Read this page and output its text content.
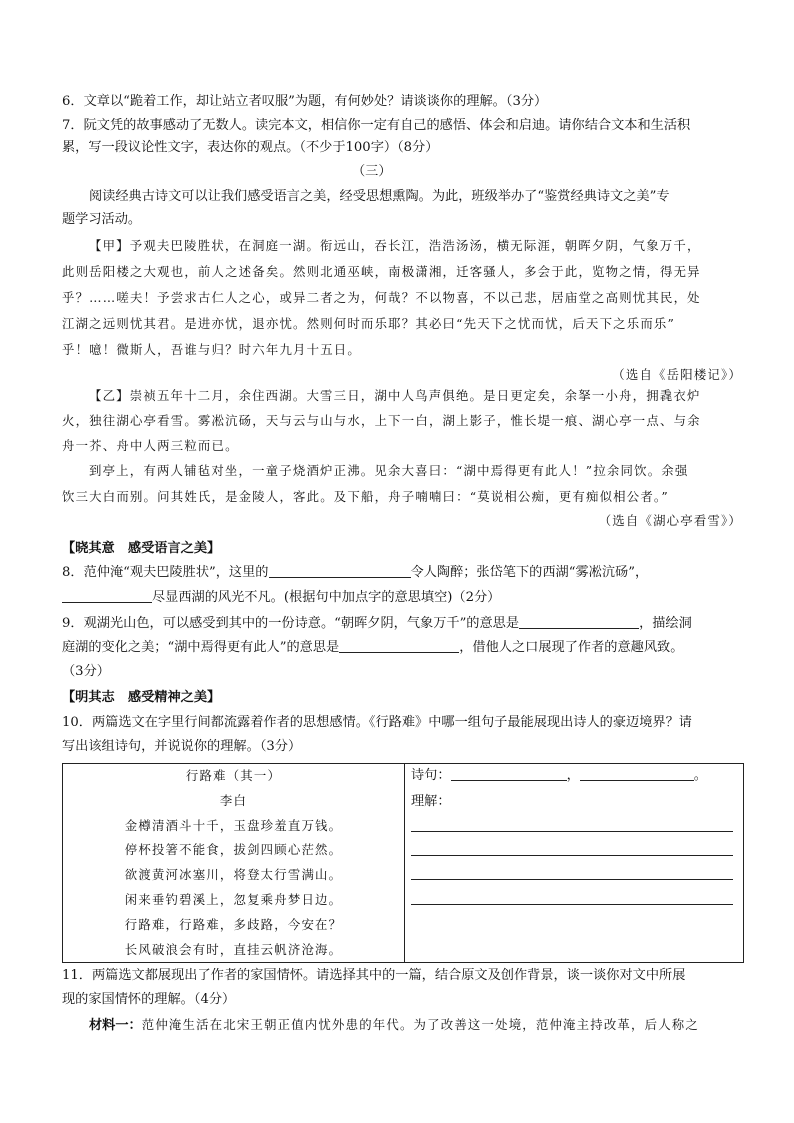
6．文章以“跪着工作，却让站立者叹服”为题，有何妙处？请谈谈你的理解。（3分）
7．阮文凭的故事感动了无数人。读完本文，相信你一定有自己的感悟、体会和启迪。请你结合文本和生活积
累，写一段议论性文字，表达你的观点。（不少于100字）（8分）
（三）
阅读经典古诗文可以让我们感受语言之美，经受思想熏陶。为此，班级举办了“鉴赏经典诗文之美”专
题学习活动。
【甲】予观夫巴陵胜状，在洞庭一湖。衔远山，吞长江，浩浩汤汤，横无际涯，朝晖夕阴，气象万千，
此则岳阳楼之大观也，前人之述备矣。然则北通巫峡，南极潇湘，迁客骚人，多会于此，览物之情，得无异
乎？……嗟夫！予尝求古仁人之心，或异二者之为，何哉？不以物喜，不以己悲，居庙堂之高则忧其民，处
江湖之远则忧其君。是进亦忧，退亦忧。然则何时而乐耶？其必曰“先天下之忧而忧，后天下之乐而乐”
乎！噫！微斯人，吾谁与归？时六年九月十五日。
（选自《岳阳楼记》）
【乙】崇祯五年十二月，余住西湖。大雪三日，湖中人鸟声俱绝。是日更定矣，余拏一小舟，拥毳衣炉
火，独往湖心亭看雪。雾凇沆砀，天与云与山与水，上下一白，湖上影子，惟长堤一痕、湖心亭一点、与余
舟一芥、舟中人两三粒而已。
到亭上，有两人铺毡对坐，一童子烧酒炉正沸。见余大喜曰：“湖中焉得更有此人！”拉余同饮。余强
饮三大白而别。问其姓氏，是金陵人，客此。及下船，舟子喃喃曰：“莫说相公痴，更有痴似相公者。”
（选自《湖心亭看雪》）
【晓其意　感受语言之美】
8．范仲淹“观夫巴陵胜状”，这里的	令人陶醉；张岱笔下的西湖“雾凇沆砀”，
尽显西湖的风光不凡。(根据句中加点字的意思填空)（2分）
9．观湖光山色，可以感受到其中的一份诗意。“朝晖夕阴，气象万千”的意思是	，描绘洞
庭湖的变化之美；“湖中焉得更有此人”的意思是	，借他人之口展现了作者的意趣风致。
（3分）
【明其志　感受精神之美】
10．两篇选文在字里行间都流露着作者的思想感情。《行路难》中哪一组句子最能展现出诗人的豪迈境界？请
写出该组诗句，并说说你的理解。（3分）
行路难（其一）
李白
金樽清酒斗十千，玉盘珍羞直万钱。
停杯投箸不能食，拔剑四顾心茫然。
欲渡黄河冰塞川，将登太行雪满山。
闲来垂钓碧溪上，忽复乘舟梦日边。
行路难，行路难，多歧路，今安在？
长风破浪会有时，直挂云帆济沧海。

诗句：	，	。
理解：
11．两篇选文都展现出了作者的家国情怀。请选择其中的一篇，结合原文及创作背景，谈一谈你对文中所展
现的家国情怀的理解。（4分）
材料一：范仲淹生活在北宋王朝正值内忧外患的年代。为了改善这一处境，范仲淹主持改革，后人称之
